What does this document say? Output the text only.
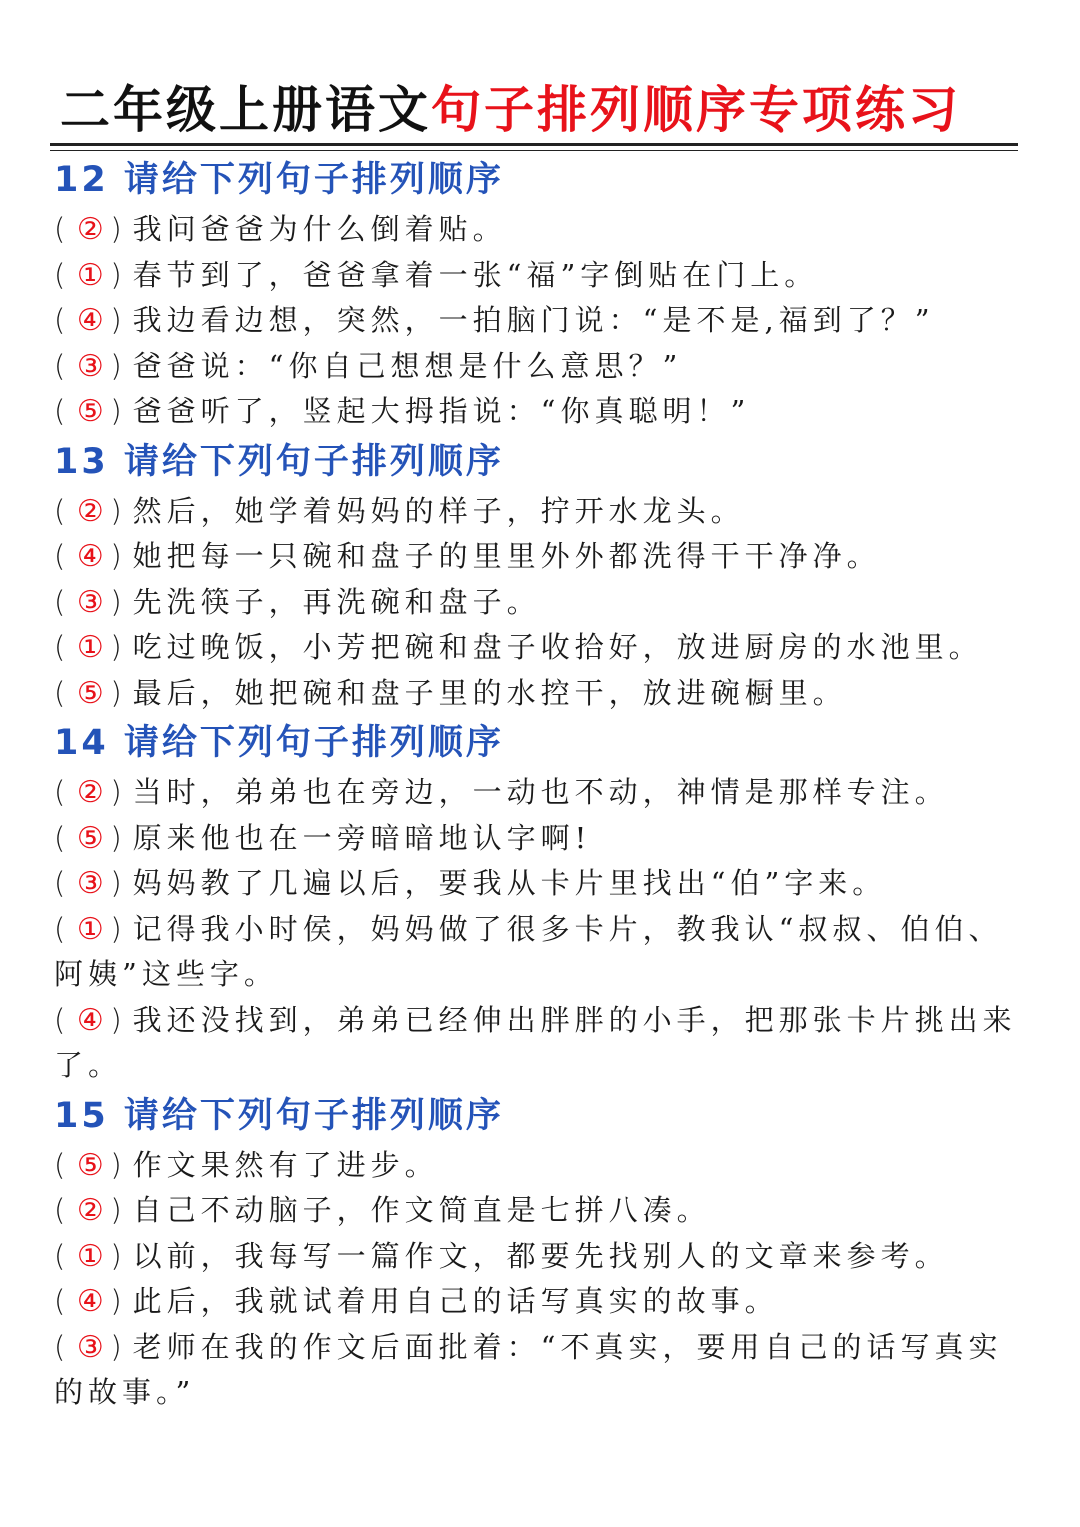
二年级上册语文句子排列顺序专项练习
12 请给下列句子排列顺序
( ② ) 我问爸爸为什么倒着贴。
( ① ) 春节到了，爸爸拿着一张“福”字倒贴在门上。
( ④ ) 我边看边想，突然，一拍脑门说：“是不是,福到了？”
( ③ ) 爸爸说：“你自己想想是什么意思？”
( ⑤ ) 爸爸听了，竖起大拇指说：“你真聪明！”
13 请给下列句子排列顺序
( ② ) 然后，她学着妈妈的样子，拧开水龙头。
( ④ ) 她把每一只碗和盘子的里里外外都洗得干干净净。
( ③ ) 先洗筷子，再洗碗和盘子。
( ① ) 吃过晚饭，小芳把碗和盘子收拾好，放进厨房的水池里。
( ⑤ ) 最后，她把碗和盘子里的水控干，放进碗橱里。
14 请给下列句子排列顺序
( ② ) 当时，弟弟也在旁边，一动也不动，神情是那样专注。
( ⑤ ) 原来他也在一旁暗暗地认字啊!
( ③ ) 妈妈教了几遍以后，要我从卡片里找出“伯”字来。
( ① ) 记得我小时侯，妈妈做了很多卡片，教我认“叔叔、伯伯、阿姨”这些字。
( ④ ) 我还没找到，弟弟已经伸出胖胖的小手，把那张卡片挑出来了。
15 请给下列句子排列顺序
( ⑤ ) 作文果然有了进步。
( ② ) 自己不动脑子，作文简直是七拼八凑。
( ① ) 以前，我每写一篇作文，都要先找别人的文章来参考。
( ④ ) 此后，我就试着用自己的话写真实的故事。
( ③ ) 老师在我的作文后面批着：“不真实，要用自己的话写真实的故事。”
